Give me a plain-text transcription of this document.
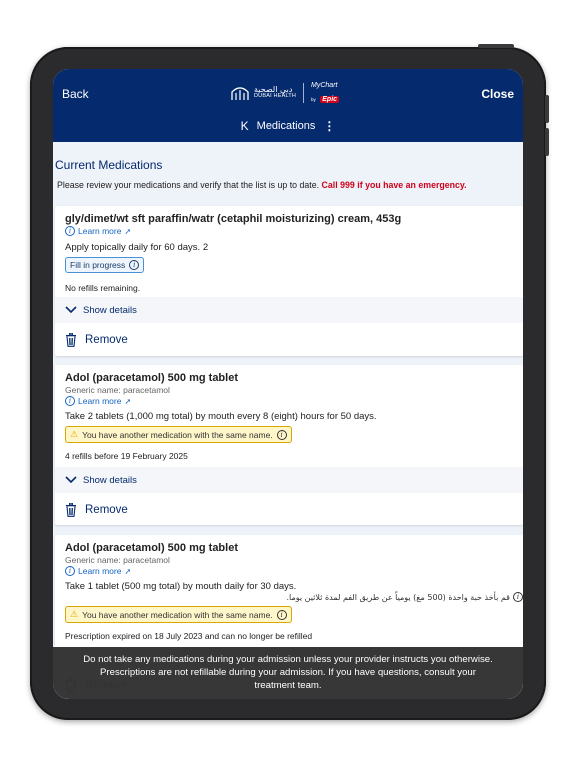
Back	دبي الصحية
DUBAI HEALTH
MyChart
by Epic	Close
K Medications ⋮
Current Medications
Please review your medications and verify that the list is up to date. Call 999 if you have an emergency.
gly/dimet/wt sft paraffin/watr (cetaphil moisturizing) cream, 453g
i Learn more ➚
Apply topically daily for 60 days. 2
Fill in progress	i
No refills remaining.
Show details
Remove
Adol (paracetamol) 500 mg tablet
Generic name: paracetamol
i Learn more ➚
Take 2 tablets (1,000 mg total) by mouth every 8 (eight) hours for 50 days.
⚠ You have another medication with the same name.	i
4 refills before 19 February 2025
Show details
Remove
Adol (paracetamol) 500 mg tablet
Generic name: paracetamol
i Learn more ➚
Take 1 tablet (500 mg total) by mouth daily for 30 days.
i
قم بأخذ حبة واحدة (500 مغ) يومياً عن طريق الفم لمدة ثلاثين يوما.
⚠ You have another medication with the same name.	i
Prescription expired on 18 July 2023 and can no longer be refilled
Do not take any medications during your admission unless your provider instructs you otherwise.
Prescriptions are not refillable during your admission. If you have questions, consult your
treatment team.
